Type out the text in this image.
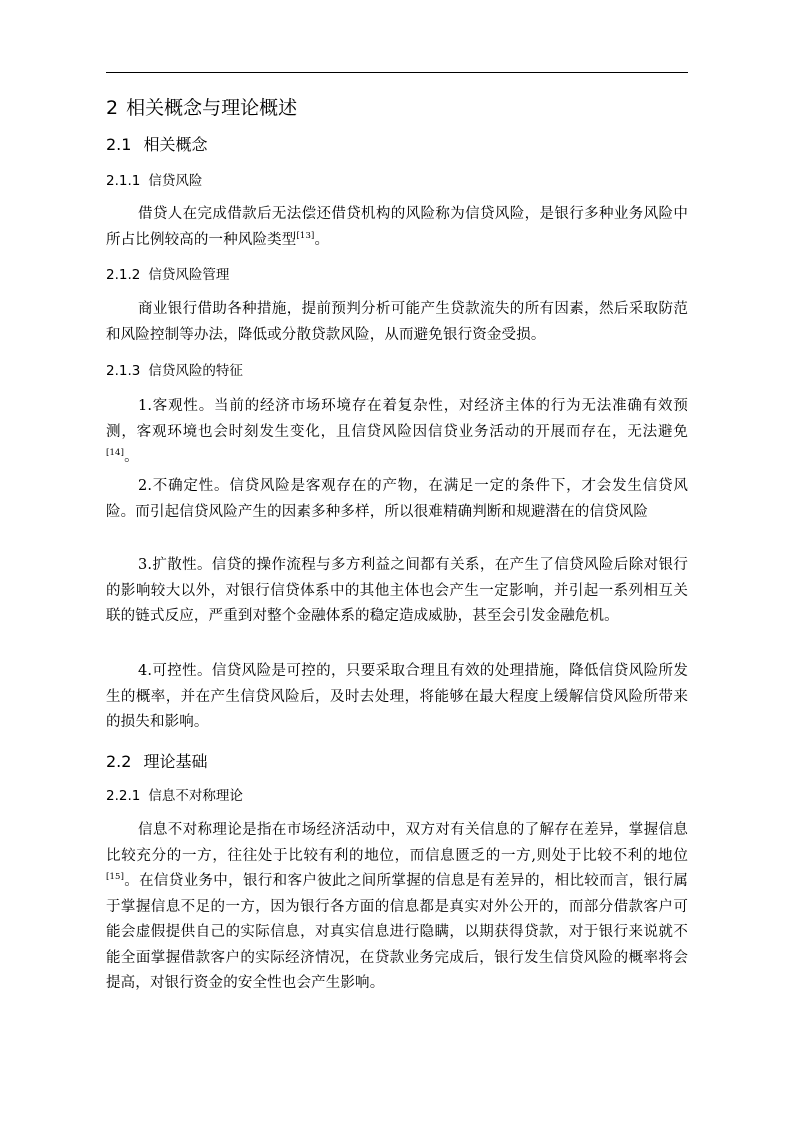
2 相关概念与理论概述
2.1 相关概念
2.1.1 信贷风险

借贷人在完成借款后无法偿还借贷机构的风险称为信贷风险，是银行多种业务风险中所占比例较高的一种风险类型[13]。

2.1.2 信贷风险管理

商业银行借助各种措施，提前预判分析可能产生贷款流失的所有因素，然后采取防范和风险控制等办法，降低或分散贷款风险，从而避免银行资金受损。

2.1.3 信贷风险的特征

1.客观性。当前的经济市场环境存在着复杂性，对经济主体的行为无法准确有效预测，客观环境也会时刻发生变化，且信贷风险因信贷业务活动的开展而存在，无法避免[14]。

2.不确定性。信贷风险是客观存在的产物，在满足一定的条件下，才会发生信贷风险。而引起信贷风险产生的因素多种多样，所以很难精确判断和规避潜在的信贷风险

3.扩散性。信贷的操作流程与多方利益之间都有关系，在产生了信贷风险后除对银行的影响较大以外，对银行信贷体系中的其他主体也会产生一定影响，并引起一系列相互关联的链式反应，严重到对整个金融体系的稳定造成威胁，甚至会引发金融危机。

4.可控性。信贷风险是可控的，只要采取合理且有效的处理措施，降低信贷风险所发生的概率，并在产生信贷风险后，及时去处理，将能够在最大程度上缓解信贷风险所带来的损失和影响。

2.2 理论基础
2.2.1 信息不对称理论

信息不对称理论是指在市场经济活动中，双方对有关信息的了解存在差异，掌握信息比较充分的一方，往往处于比较有利的地位，而信息匮乏的一方,则处于比较不利的地位[15]。在信贷业务中，银行和客户彼此之间所掌握的信息是有差异的，相比较而言，银行属于掌握信息不足的一方，因为银行各方面的信息都是真实对外公开的，而部分借款客户可能会虚假提供自己的实际信息，对真实信息进行隐瞒，以期获得贷款，对于银行来说就不能全面掌握借款客户的实际经济情况，在贷款业务完成后，银行发生信贷风险的概率将会提高，对银行资金的安全性也会产生影响。
